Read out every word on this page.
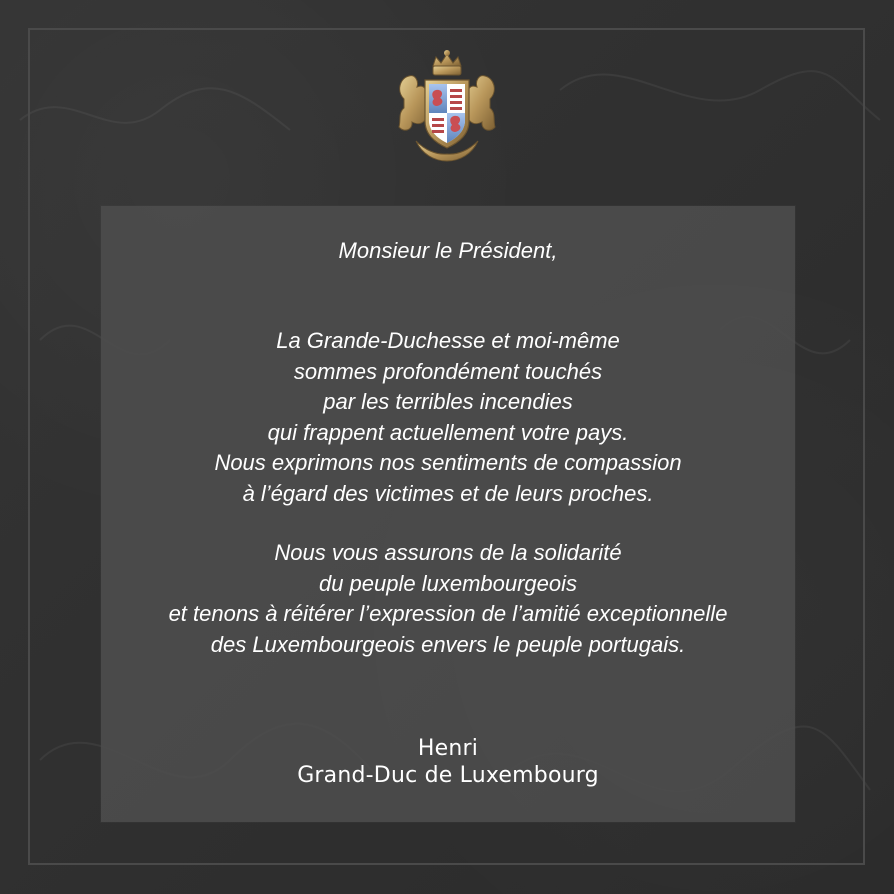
Monsieur le Président,
La Grande-Duchesse et moi-même
sommes profondément touchés
par les terribles incendies
qui frappent actuellement votre pays.
Nous exprimons nos sentiments de compassion
à l’égard des victimes et de leurs proches.
Nous vous assurons de la solidarité
du peuple luxembourgeois
et tenons à réitérer l’expression de l’amitié exceptionnelle
des Luxembourgeois envers le peuple portugais.
Henri
Grand-Duc de Luxembourg
